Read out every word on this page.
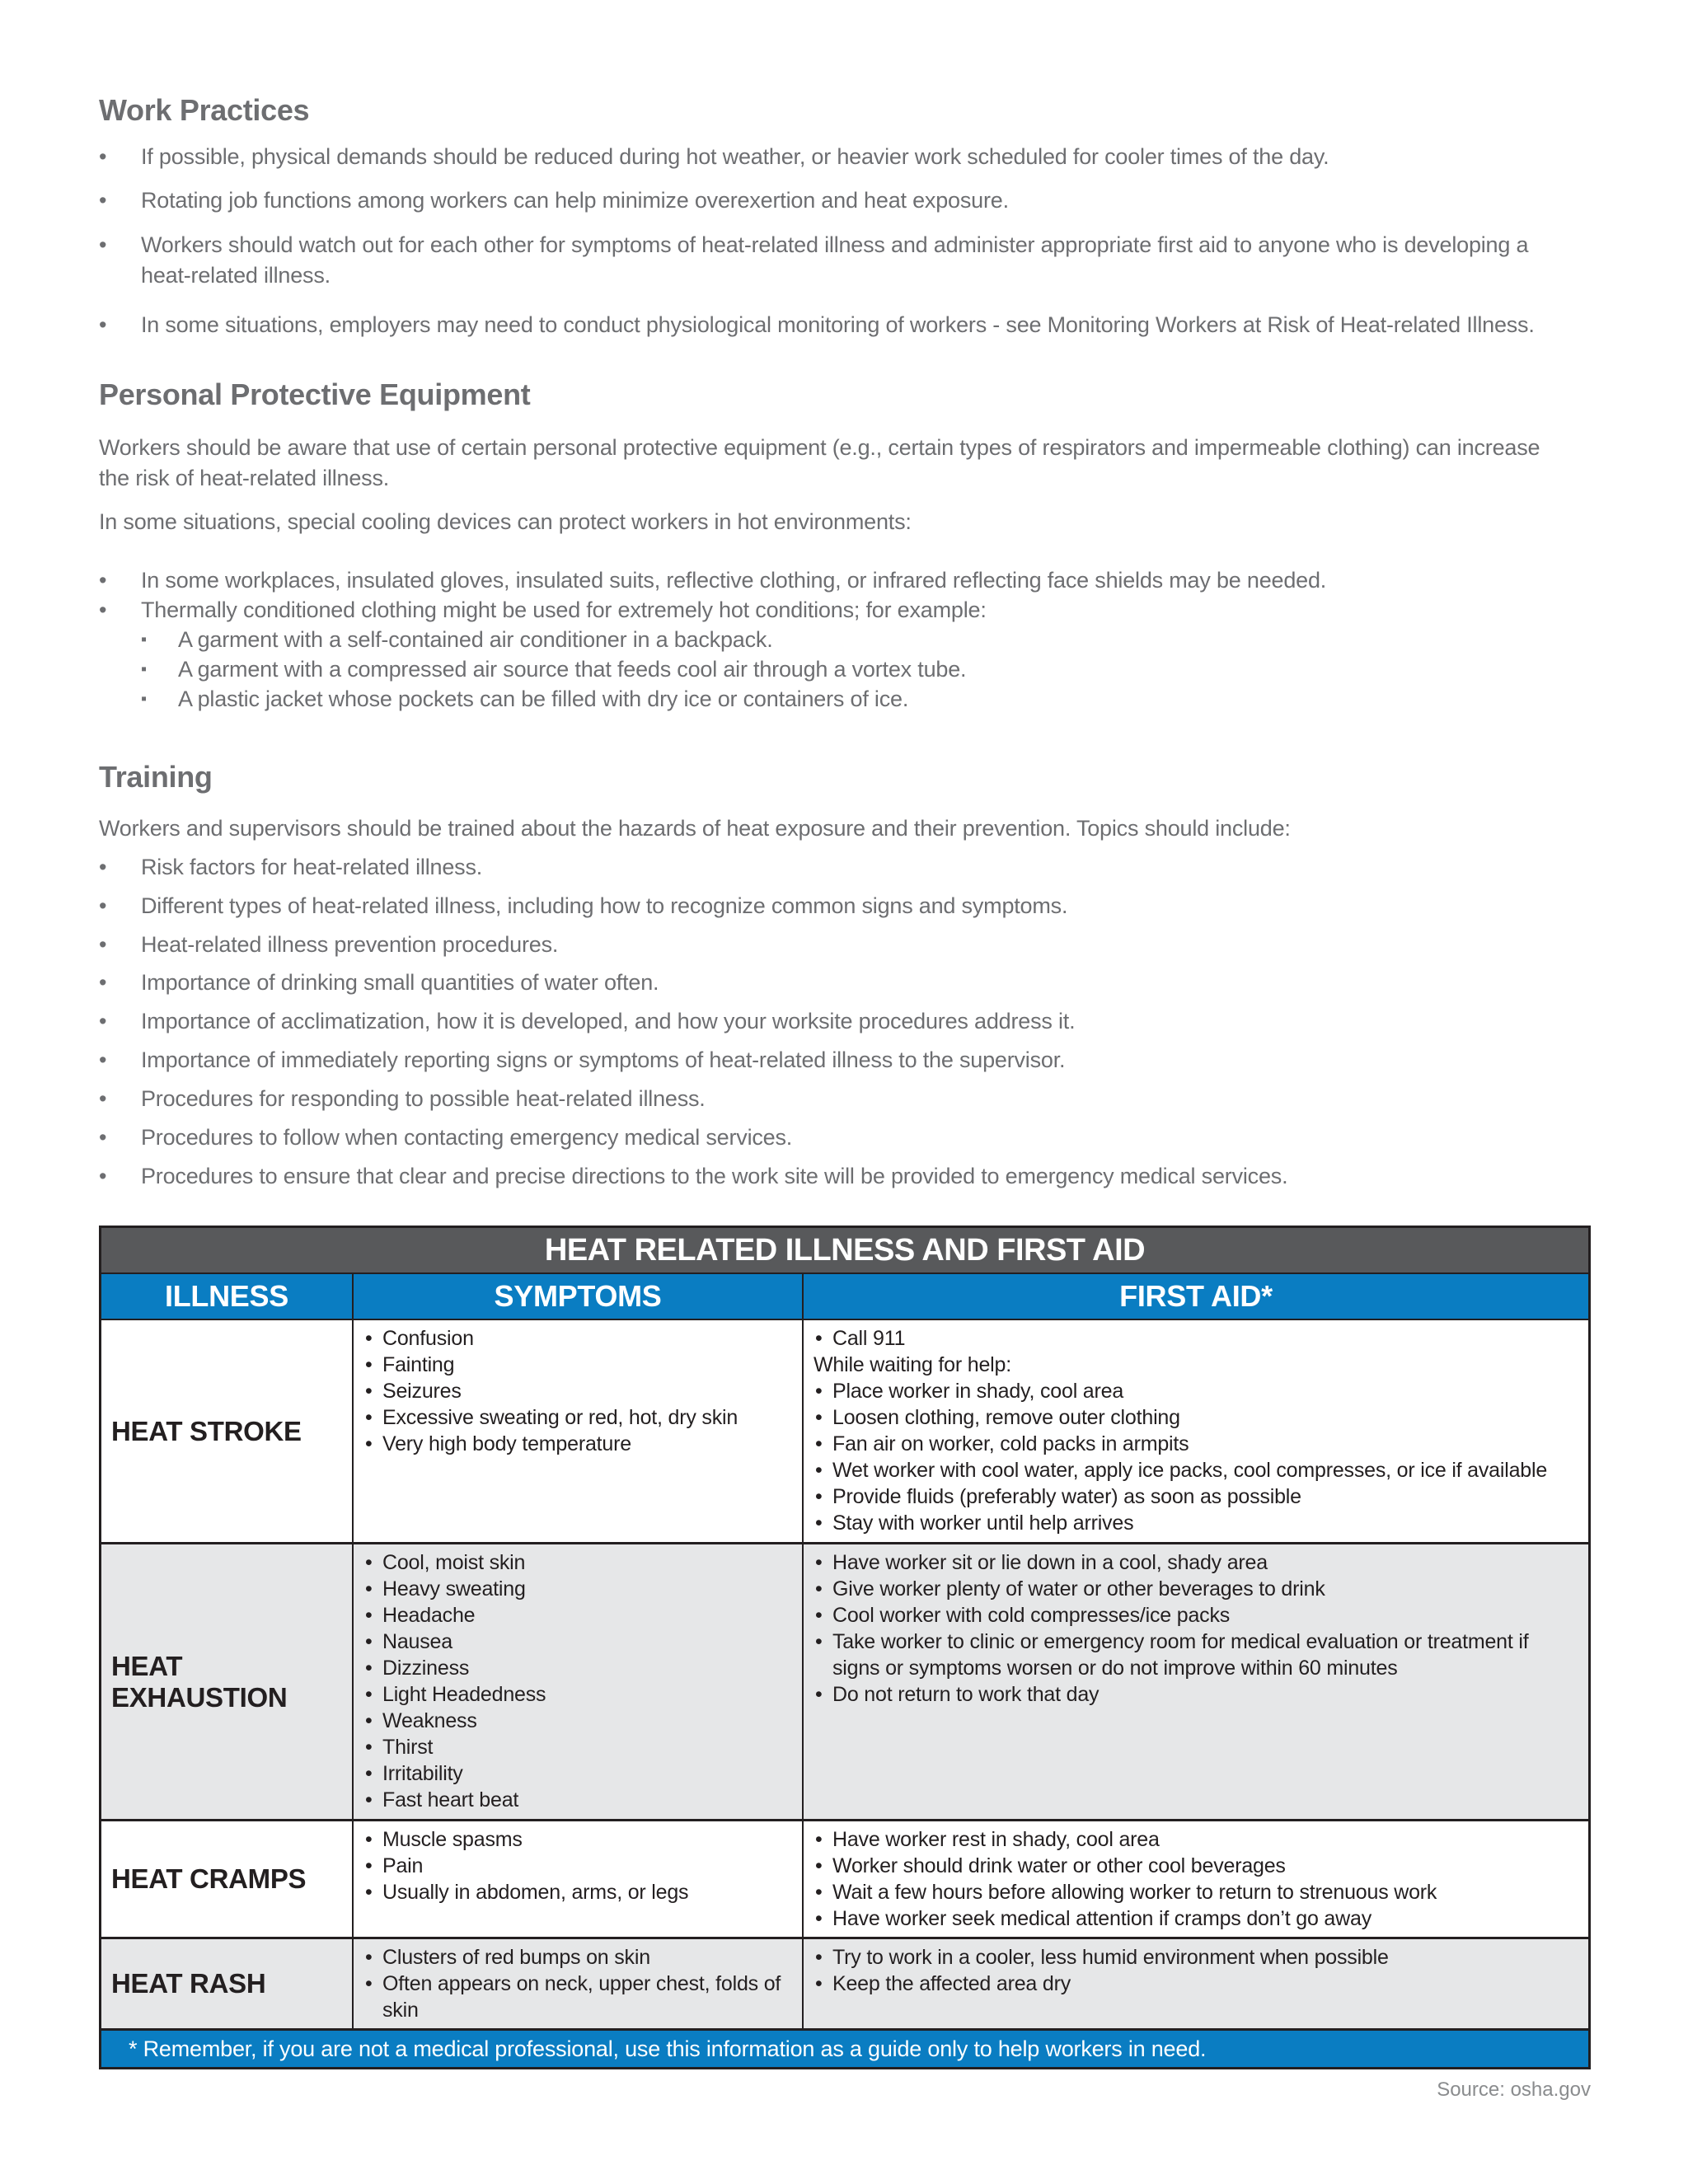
Work Practices
• If possible, physical demands should be reduced during hot weather, or heavier work scheduled for cooler times of the day.
• Rotating job functions among workers can help minimize overexertion and heat exposure.
• Workers should watch out for each other for symptoms of heat-related illness and administer appropriate first aid to anyone who is developing a heat-related illness.
• In some situations, employers may need to conduct physiological monitoring of workers - see Monitoring Workers at Risk of Heat-related Illness.
Personal Protective Equipment

Workers should be aware that use of certain personal protective equipment (e.g., certain types of respirators and impermeable clothing) can increase the risk of heat-related illness.

In some situations, special cooling devices can protect workers in hot environments:

• In some workplaces, insulated gloves, insulated suits, reflective clothing, or infrared reflecting face shields may be needed.
• Thermally conditioned clothing might be used for extremely hot conditions; for example:
▪ A garment with a self-contained air conditioner in a backpack.
▪ A garment with a compressed air source that feeds cool air through a vortex tube.
▪ A plastic jacket whose pockets can be filled with dry ice or containers of ice.
Training

Workers and supervisors should be trained about the hazards of heat exposure and their prevention. Topics should include:

• Risk factors for heat-related illness.
• Different types of heat-related illness, including how to recognize common signs and symptoms.
• Heat-related illness prevention procedures.
• Importance of drinking small quantities of water often.
• Importance of acclimatization, how it is developed, and how your worksite procedures address it.
• Importance of immediately reporting signs or symptoms of heat-related illness to the supervisor.
• Procedures for responding to possible heat-related illness.
• Procedures to follow when contacting emergency medical services.
• Procedures to ensure that clear and precise directions to the work site will be provided to emergency medical services.
HEAT RELATED ILLNESS AND FIRST AID
ILLNESS	SYMPTOMS	FIRST AID*
HEAT STROKE
• Confusion
• Fainting
• Seizures
• Excessive sweating or red, hot, dry skin
• Very high body temperature
• Call 911
While waiting for help:
• Place worker in shady, cool area
• Loosen clothing, remove outer clothing
• Fan air on worker, cold packs in armpits
• Wet worker with cool water, apply ice packs, cool compresses, or ice if available
• Provide fluids (preferably water) as soon as possible
• Stay with worker until help arrives
HEAT EXHAUSTION
• Cool, moist skin
• Heavy sweating
• Headache
• Nausea
• Dizziness
• Light Headedness
• Weakness
• Thirst
• Irritability
• Fast heart beat
• Have worker sit or lie down in a cool, shady area
• Give worker plenty of water or other beverages to drink
• Cool worker with cold compresses/ice packs
• Take worker to clinic or emergency room for medical evaluation or treatment if signs or symptoms worsen or do not improve within 60 minutes
• Do not return to work that day
HEAT CRAMPS
• Muscle spasms
• Pain
• Usually in abdomen, arms, or legs
• Have worker rest in shady, cool area
• Worker should drink water or other cool beverages
• Wait a few hours before allowing worker to return to strenuous work
• Have worker seek medical attention if cramps don’t go away
HEAT RASH
• Clusters of red bumps on skin
• Often appears on neck, upper chest, folds of skin
• Try to work in a cooler, less humid environment when possible
• Keep the affected area dry
* Remember, if you are not a medical professional, use this information as a guide only to help workers in need.
Source: osha.gov
